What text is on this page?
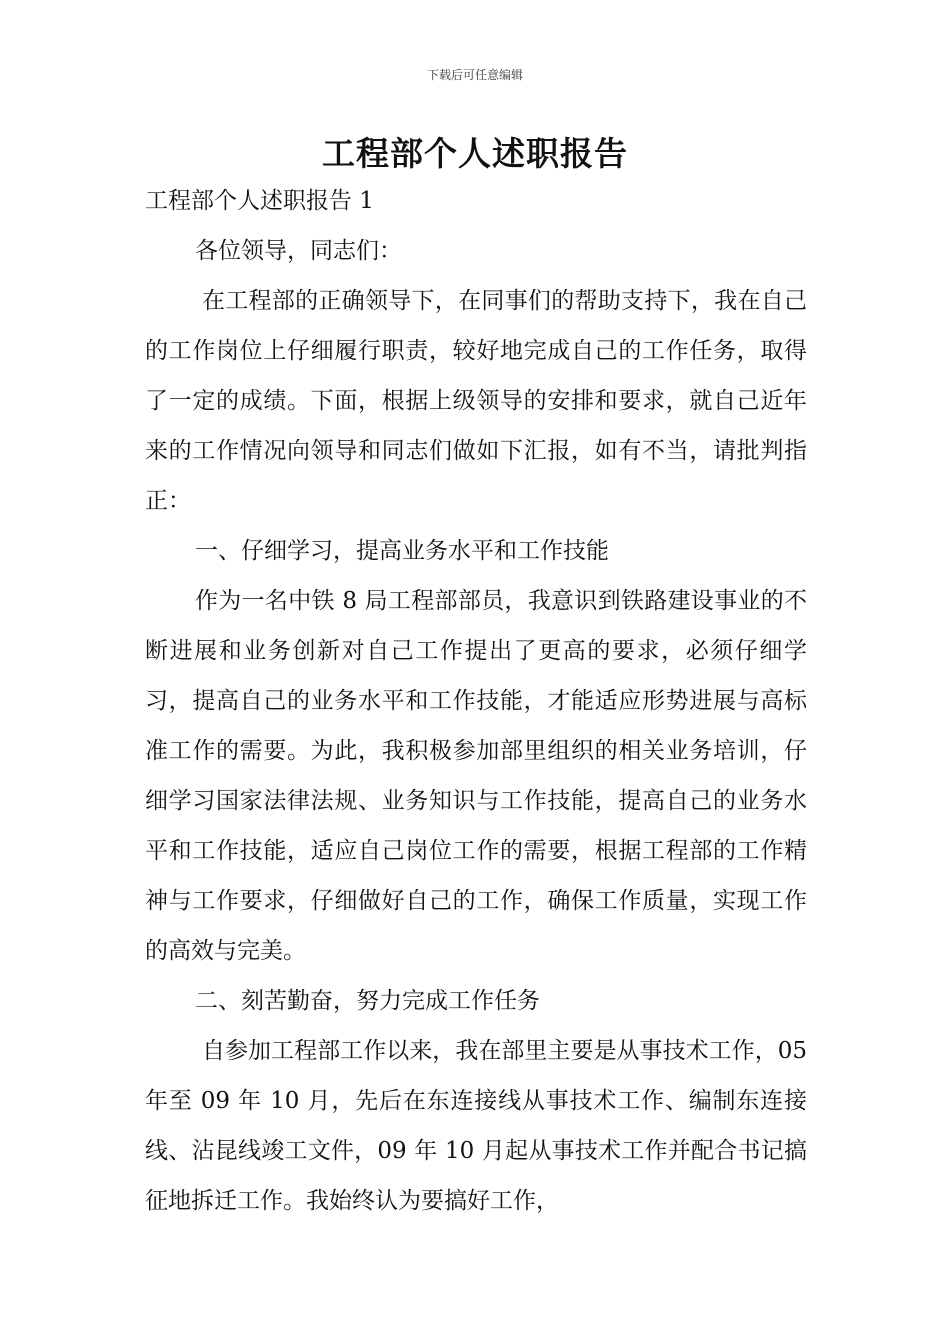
下载后可任意编辑
工程部个人述职报告

工程部个人述职报告 1

各位领导，同志们：

在工程部的正确领导下，在同事们的帮助支持下，我在自己的工作岗位上仔细履行职责，较好地完成自己的工作任务，取得了一定的成绩。下面，根据上级领导的安排和要求，就自己近年来的工作情况向领导和同志们做如下汇报，如有不当，请批判指正：

一、仔细学习，提高业务水平和工作技能

作为一名中铁 8 局工程部部员，我意识到铁路建设事业的不断进展和业务创新对自己工作提出了更高的要求，必须仔细学习，提高自己的业务水平和工作技能，才能适应形势进展与高标准工作的需要。为此，我积极参加部里组织的相关业务培训，仔细学习国家法律法规、业务知识与工作技能，提高自己的业务水平和工作技能，适应自己岗位工作的需要，根据工程部的工作精神与工作要求，仔细做好自己的工作，确保工作质量，实现工作的高效与完美。

二、刻苦勤奋，努力完成工作任务

自参加工程部工作以来，我在部里主要是从事技术工作，05 年至 09 年 10 月，先后在东连接线从事技术工作、编制东连接线、沾昆线竣工文件，09 年 10 月起从事技术工作并配合书记搞征地拆迁工作。我始终认为要搞好工作，
